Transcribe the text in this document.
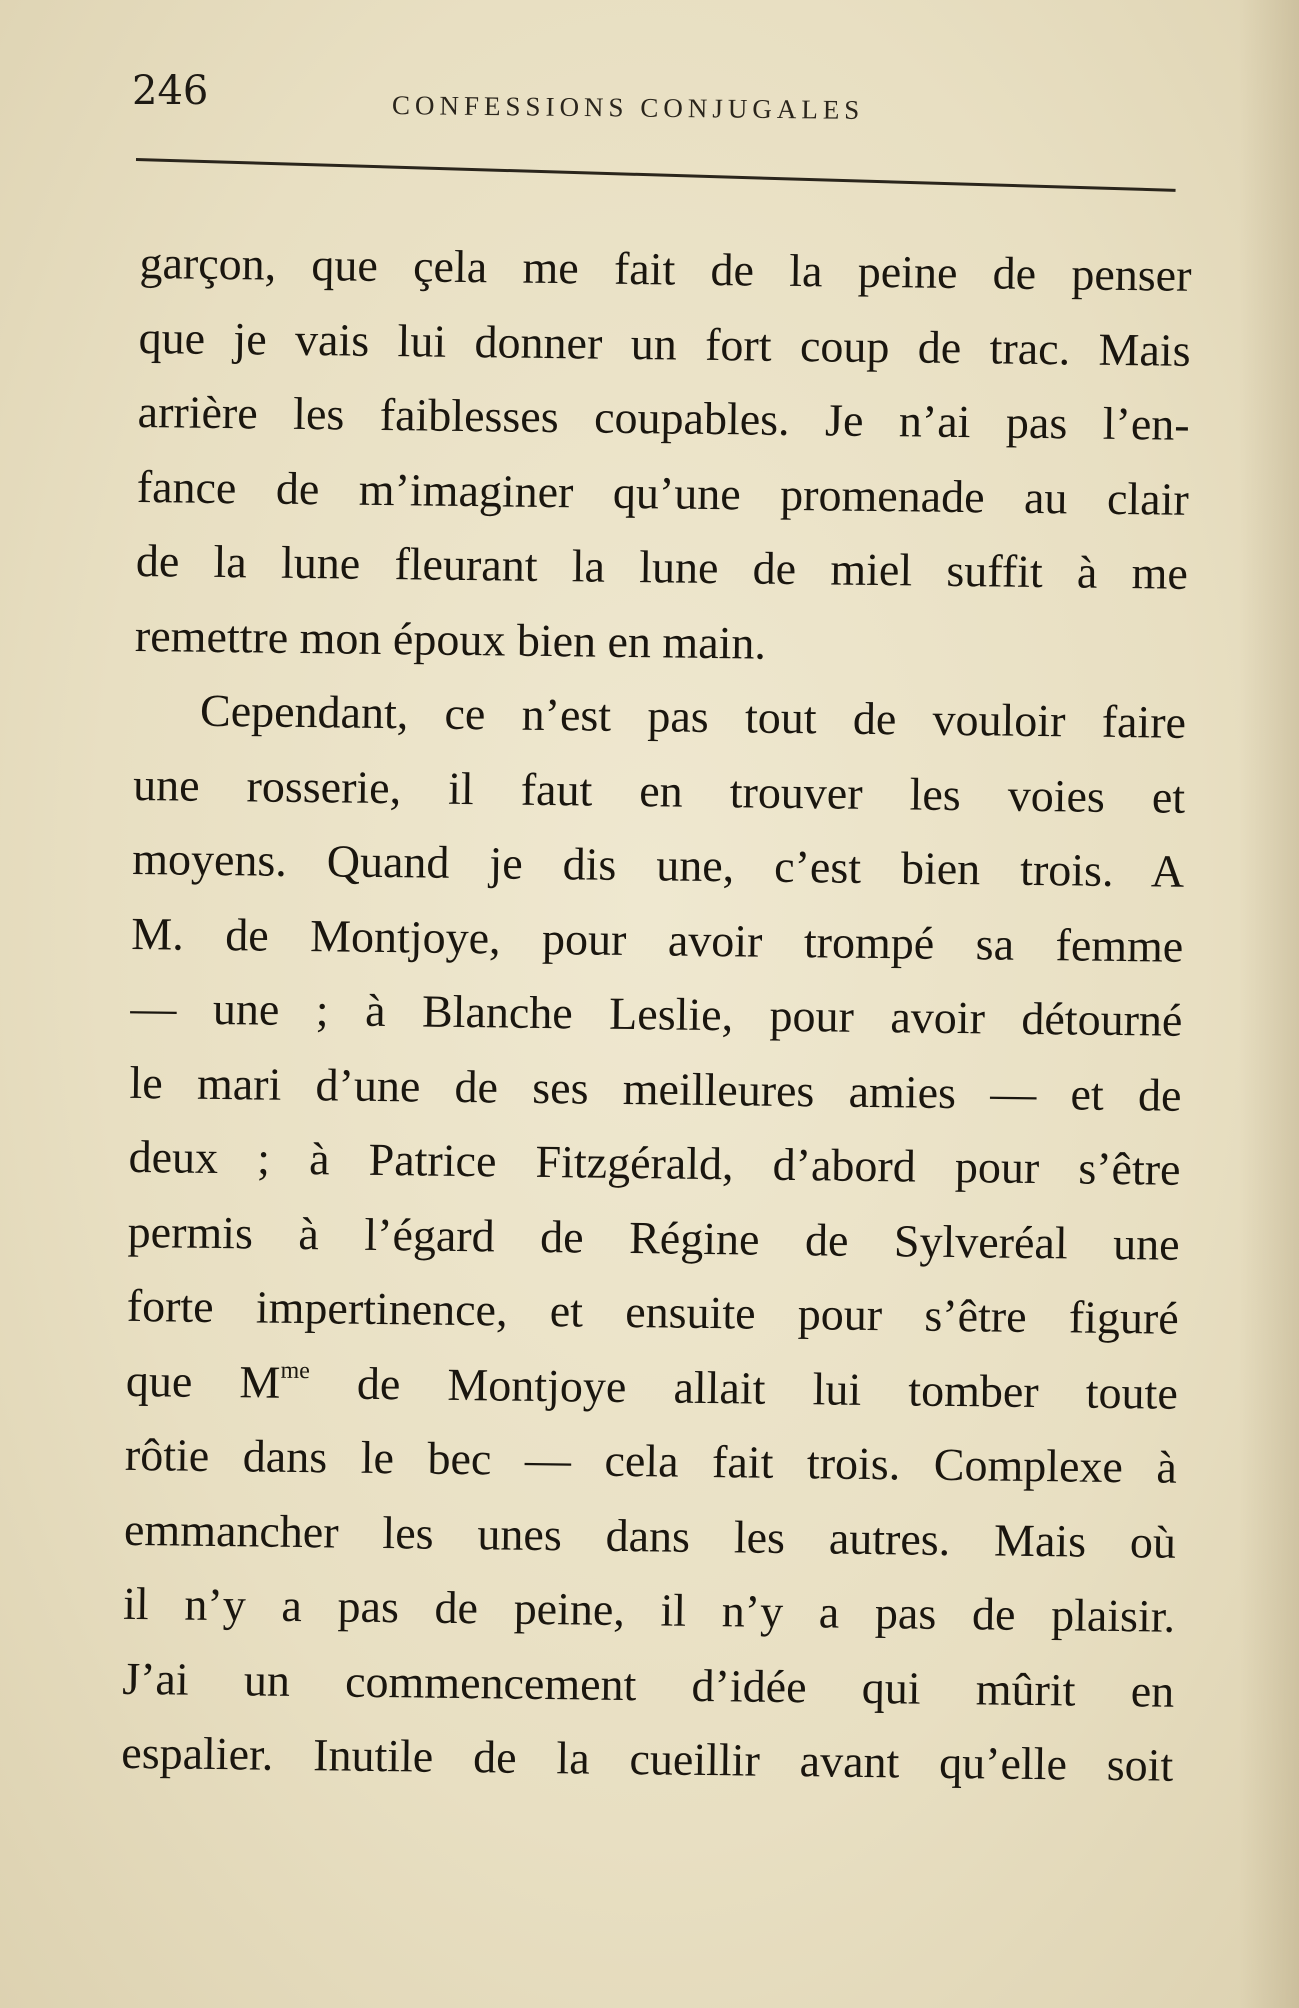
246	CONFESSIONS CONJUGALES
garçon, que çela me fait de la peine de penser
que je vais lui donner un fort coup de trac. Mais
arrière les faiblesses coupables. Je n’ai pas l’en-
fance de m’imaginer qu’une promenade au clair
de la lune fleurant la lune de miel suffit à me
remettre mon époux bien en main.
Cependant, ce n’est pas tout de vouloir faire
une rosserie, il faut en trouver les voies et
moyens. Quand je dis une, c’est bien trois. A
M. de Montjoye, pour avoir trompé sa femme
— une ; à Blanche Leslie, pour avoir détourné
le mari d’une de ses meilleures amies — et de
deux ; à Patrice Fitzgérald, d’abord pour s’être
permis à l’égard de Régine de Sylveréal une
forte impertinence, et ensuite pour s’être figuré
que $M^{me}$ de Montjoye allait lui tomber toute
rôtie dans le bec — cela fait trois. Complexe à
emmancher les unes dans les autres. Mais où
il n’y a pas de peine, il n’y a pas de plaisir.
J’ai un commencement d’idée qui mûrit en
espalier. Inutile de la cueillir avant qu’elle soit
